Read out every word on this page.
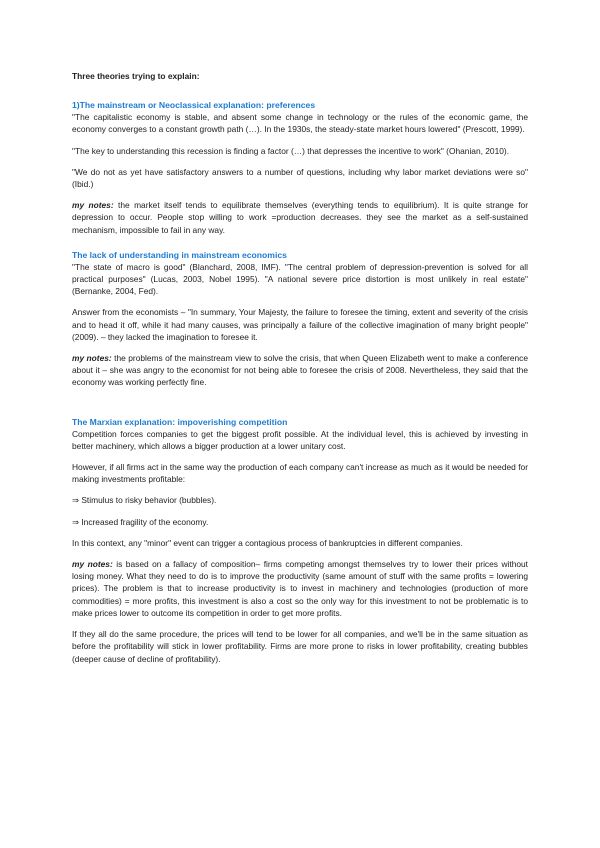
Three theories trying to explain:

1)The mainstream or Neoclassical explanation: preferences

"The capitalistic economy is stable, and absent some change in technology or the rules of the economic game, the economy converges to a constant growth path (…). In the 1930s, the steady-state market hours lowered" (Prescott, 1999).

"The key to understanding this recession is finding a factor (…) that depresses the incentive to work" (Ohanian, 2010).

"We do not as yet have satisfactory answers to a number of questions, including why labor market deviations were so" (Ibid.)

my notes: the market itself tends to equilibrate themselves (everything tends to equilibrium). It is quite strange for depression to occur. People stop willing to work =production decreases. they see the market as a self-sustained mechanism, impossible to fail in any way.

The lack of understanding in mainstream economics

"The state of macro is good" (Blanchard, 2008, IMF). "The central problem of depression-prevention is solved for all practical purposes" (Lucas, 2003, Nobel 1995). "A national severe price distortion is most unlikely in real estate" (Bernanke, 2004, Fed).

Answer from the economists – "In summary, Your Majesty, the failure to foresee the timing, extent and severity of the crisis and to head it off, while it had many causes, was principally a failure of the collective imagination of many bright people" (2009). – they lacked the imagination to foresee it.

my notes: the problems of the mainstream view to solve the crisis, that when Queen Elizabeth went to make a conference about it – she was angry to the economist for not being able to foresee the crisis of 2008. Nevertheless, they said that the economy was working perfectly fine.

The Marxian explanation: impoverishing competition

Competition forces companies to get the biggest profit possible. At the individual level, this is achieved by investing in better machinery, which allows a bigger production at a lower unitary cost.

However, if all firms act in the same way the production of each company can't increase as much as it would be needed for making investments profitable:

⇒ Stimulus to risky behavior (bubbles).

⇒ Increased fragility of the economy.

In this context, any "minor" event can trigger a contagious process of bankruptcies in different companies.

my notes: is based on a fallacy of composition– firms competing amongst themselves try to lower their prices without losing money. What they need to do is to improve the productivity (same amount of stuff with the same profits = lowering prices). The problem is that to increase productivity is to invest in machinery and technologies (production of more commodities) = more profits, this investment is also a cost so the only way for this investment to not be problematic is to make prices lower to outcome its competition in order to get more profits.

If they all do the same procedure, the prices will tend to be lower for all companies, and we'll be in the same situation as before the profitability will stick in lower profitability. Firms are more prone to risks in lower profitability, creating bubbles (deeper cause of decline of profitability).
